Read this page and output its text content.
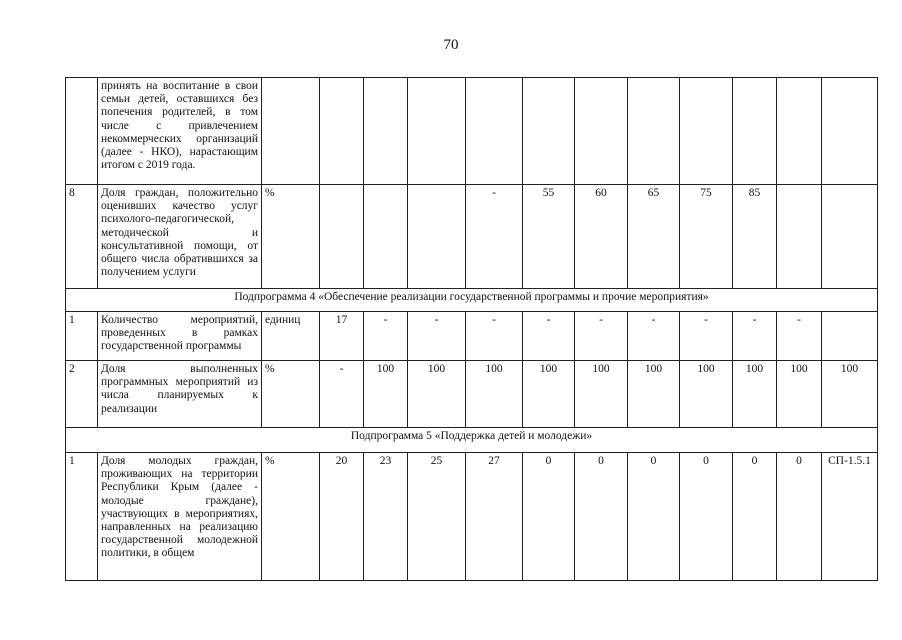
70
	принять на воспитание в свои семьи детей, оставшихся без попечения родителей, в том числе с привлечением некоммерческих организаций (далее - НКО), нарастающим итогом с 2019 года.												
8	Доля граждан, положительно оценивших качество услуг психолого-педагогической, методической и консультативной помощи, от общего числа обратившихся за получением услуги	%				-	55	60	65	75	85		
Подпрограмма 4 «Обеспечение реализации государственной программы и прочие мероприятия»													
1	Количество мероприятий, проведенных в рамках государственной программы	единиц	17	-	-	-	-	-	-	-	-	-	
2	Доля выполненных программных мероприятий из числа планируемых к реализации	%	-	100	100	100	100	100	100	100	100	100	100
Подпрограмма 5 «Поддержка детей и молодежи»													
1	Доля молодых граждан, проживающих на территории Республики Крым (далее - молодые граждане), участвующих в мероприятиях, направленных на реализацию государственной молодежной политики, в общем	%	20	23	25	27	0	0	0	0	0	0	СП-1.5.1
